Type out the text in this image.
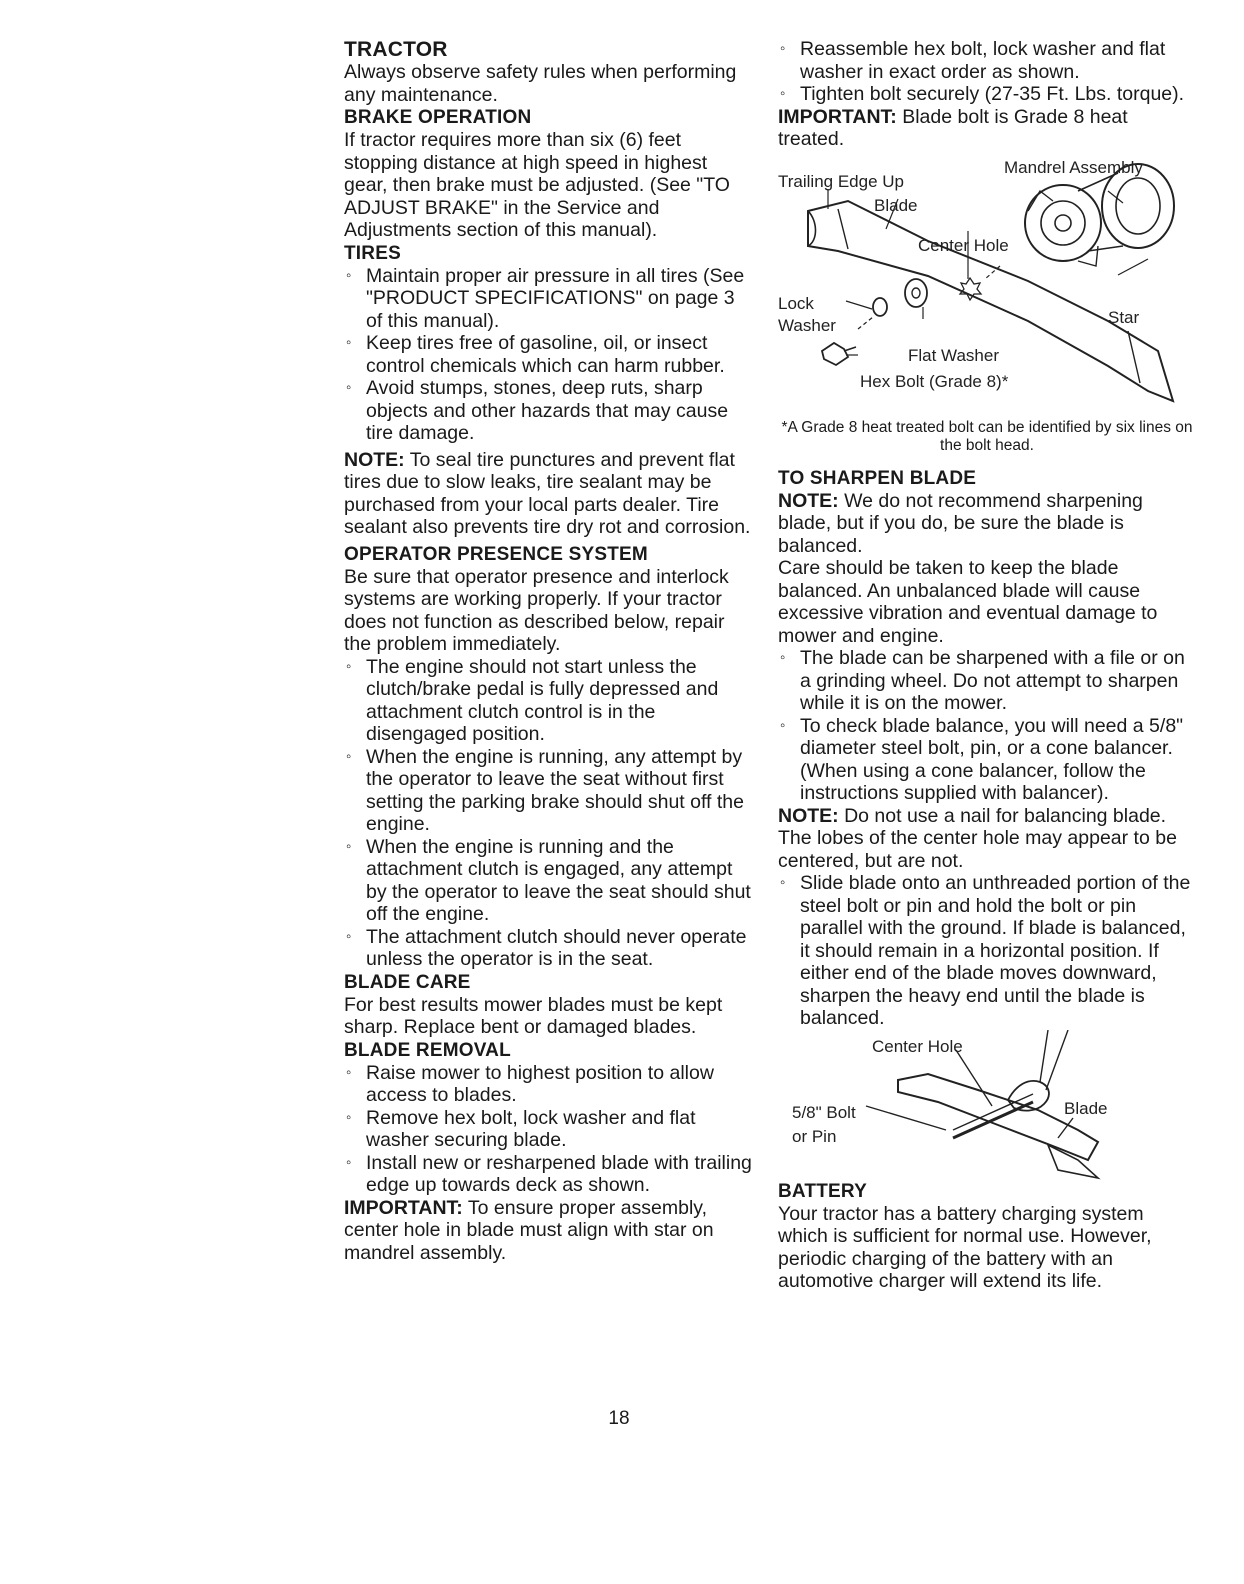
TRACTOR

Always observe safety rules when performing any maintenance.

BRAKE OPERATION

If tractor requires more than six (6) feet stopping distance at high speed in highest gear, then brake must be adjusted. (See "TO ADJUST BRAKE" in the Service and Adjustments section of this manual).

TIRES
◦ Maintain proper air pressure in all tires (See "PRODUCT SPECIFICATIONS" on page 3 of this manual).
◦ Keep tires free of gasoline, oil, or insect control chemicals which can harm rubber.
◦ Avoid stumps, stones, deep ruts, sharp objects and other hazards that may cause tire damage.

NOTE: To seal tire punctures and prevent flat tires due to slow leaks, tire sealant may be purchased from your local parts dealer. Tire sealant also prevents tire dry rot and corrosion.

OPERATOR PRESENCE SYSTEM

Be sure that operator presence and interlock systems are working properly. If your tractor does not function as described below, repair the problem immediately.

◦ The engine should not start unless the clutch/brake pedal is fully depressed and attachment clutch control is in the disengaged position.
◦ When the engine is running, any attempt by the operator to leave the seat without first setting the parking brake should shut off the engine.
◦ When the engine is running and the attachment clutch is engaged, any attempt by the operator to leave the seat should shut off the engine.
◦ The attachment clutch should never operate unless the operator is in the seat.
BLADE CARE

For best results mower blades must be kept sharp. Replace bent or damaged blades.

BLADE REMOVAL
◦ Raise mower to highest position to allow access to blades.
◦ Remove hex bolt, lock washer and flat washer securing blade.
◦ Install new or resharpened blade with trailing edge up towards deck as shown.

IMPORTANT: To ensure proper assembly, center hole in blade must align with star on mandrel assembly.

◦ Reassemble hex bolt, lock washer and flat washer in exact order as shown.
◦ Tighten bolt securely (27-35 Ft. Lbs. torque).

IMPORTANT: Blade bolt is Grade 8 heat treated.

Trailing Edge Up
Mandrel Assembly
Blade
Center Hole
Lock
Washer	Star
Flat Washer
Hex Bolt (Grade 8)*
*A Grade 8 heat treated bolt can be identified by six lines on the bolt head.
TO SHARPEN BLADE

NOTE: We do not recommend sharpening blade, but if you do, be sure the blade is balanced.

Care should be taken to keep the blade balanced. An unbalanced blade will cause excessive vibration and eventual damage to mower and engine.

◦ The blade can be sharpened with a file or on a grinding wheel. Do not attempt to sharpen while it is on the mower.
◦ To check blade balance, you will need a 5/8" diameter steel bolt, pin, or a cone balancer. (When using a cone balancer, follow the instructions supplied with balancer).

NOTE: Do not use a nail for balancing blade. The lobes of the center hole may appear to be centered, but are not.

◦ Slide blade onto an unthreaded portion of the steel bolt or pin and hold the bolt or pin parallel with the ground. If blade is balanced, it should remain in a horizontal position. If either end of the blade moves downward, sharpen the heavy end until the blade is balanced.
Center Hole
5/8" Bolt
or Pin
Blade
BATTERY

Your tractor has a battery charging system which is sufficient for normal use. However, periodic charging of the battery with an automotive charger will extend its life.

18
